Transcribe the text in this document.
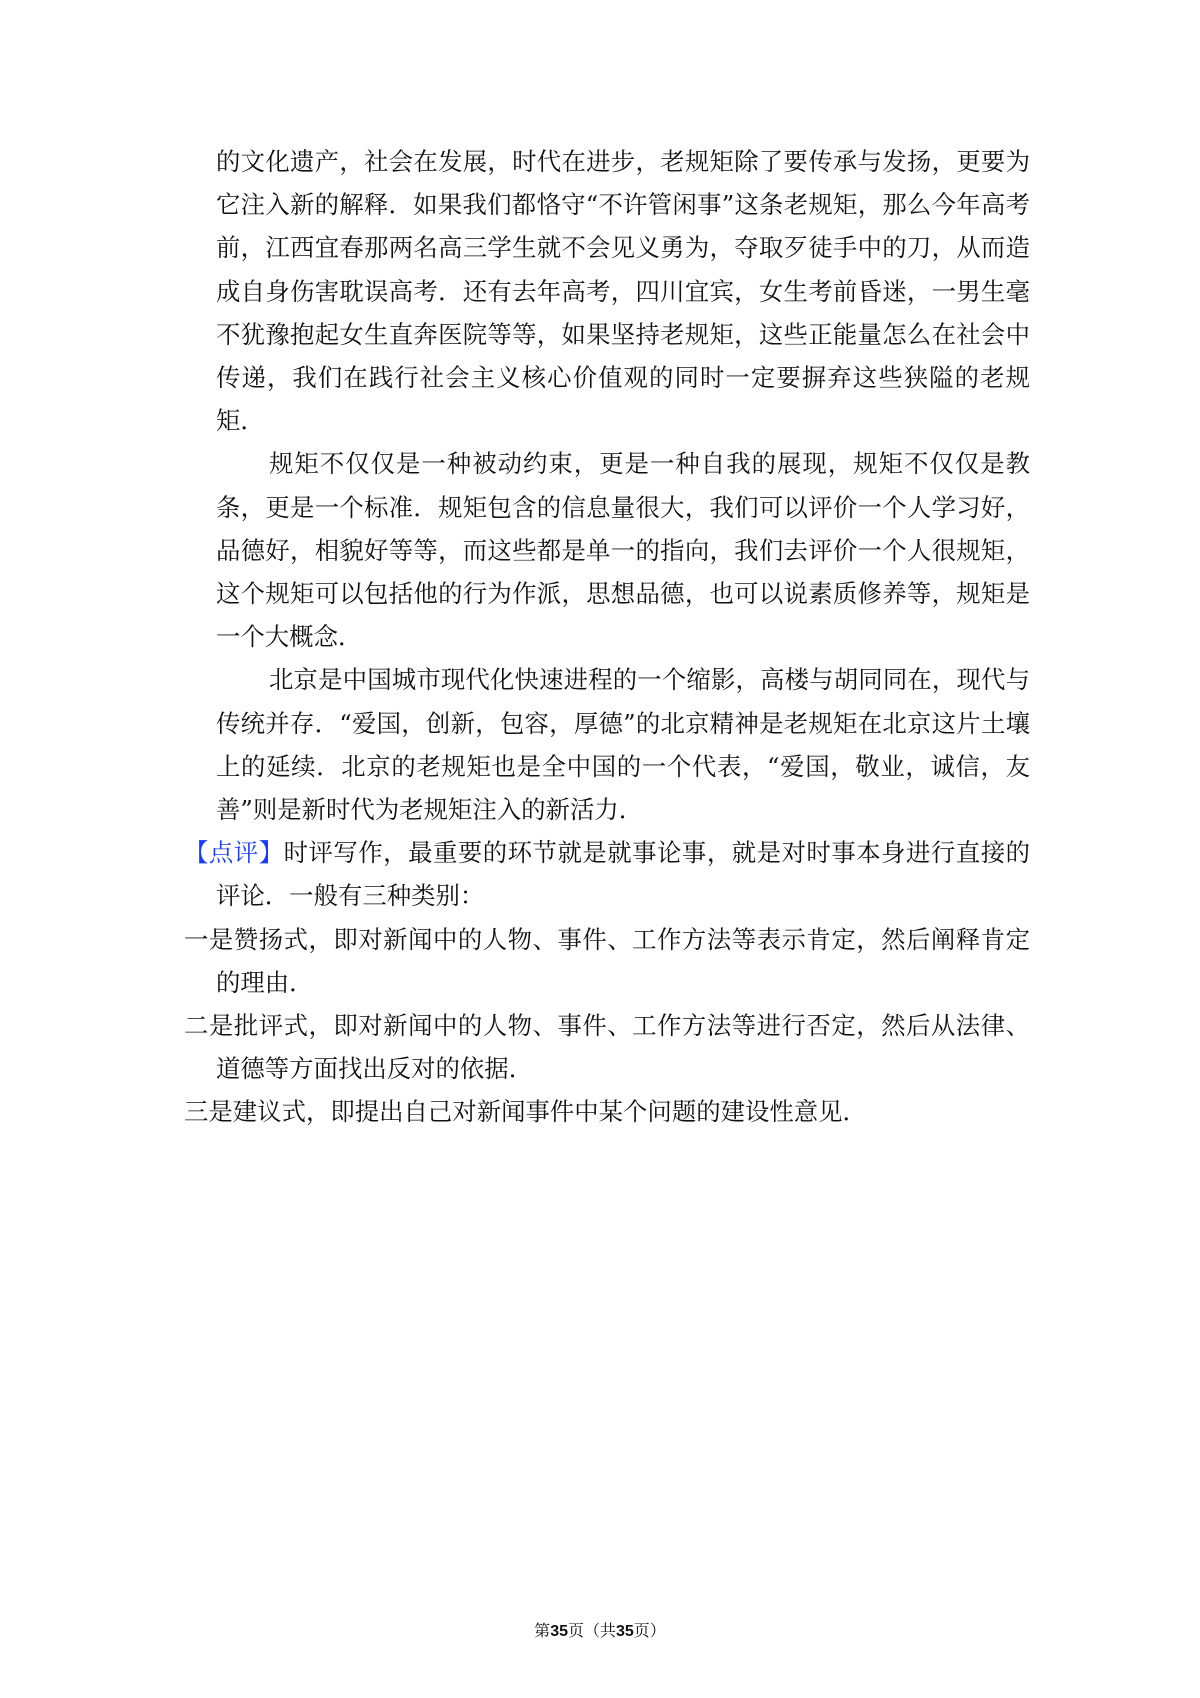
的文化遗产，社会在发展，时代在进步，老规矩除了要传承与发扬，更要为它注入新的解释．如果我们都恪守“不许管闲事”这条老规矩，那么今年高考前，江西宜春那两名高三学生就不会见义勇为，夺取歹徒手中的刀，从而造成自身伤害耽误高考．还有去年高考，四川宜宾，女生考前昏迷，一男生毫不犹豫抱起女生直奔医院等等，如果坚持老规矩，这些正能量怎么在社会中传递，我们在践行社会主义核心价值观的同时一定要摒弃这些狭隘的老规矩．

规矩不仅仅是一种被动约束，更是一种自我的展现，规矩不仅仅是教条，更是一个标准．规矩包含的信息量很大，我们可以评价一个人学习好，品德好，相貌好等等，而这些都是单一的指向，我们去评价一个人很规矩，这个规矩可以包括他的行为作派，思想品德，也可以说素质修养等，规矩是一个大概念．

北京是中国城市现代化快速进程的一个缩影，高楼与胡同同在，现代与传统并存．“爱国，创新，包容，厚德”的北京精神是老规矩在北京这片土壤上的延续．北京的老规矩也是全中国的一个代表，“爱国，敬业，诚信，友善”则是新时代为老规矩注入的新活力．

【点评】时评写作，最重要的环节就是就事论事，就是对时事本身进行直接的评论．一般有三种类别：

一是赞扬式，即对新闻中的人物、事件、工作方法等表示肯定，然后阐释肯定的理由．

二是批评式，即对新闻中的人物、事件、工作方法等进行否定，然后从法律、道德等方面找出反对的依据．

三是建议式，即提出自己对新闻事件中某个问题的建设性意见．

第35页（共35页）
